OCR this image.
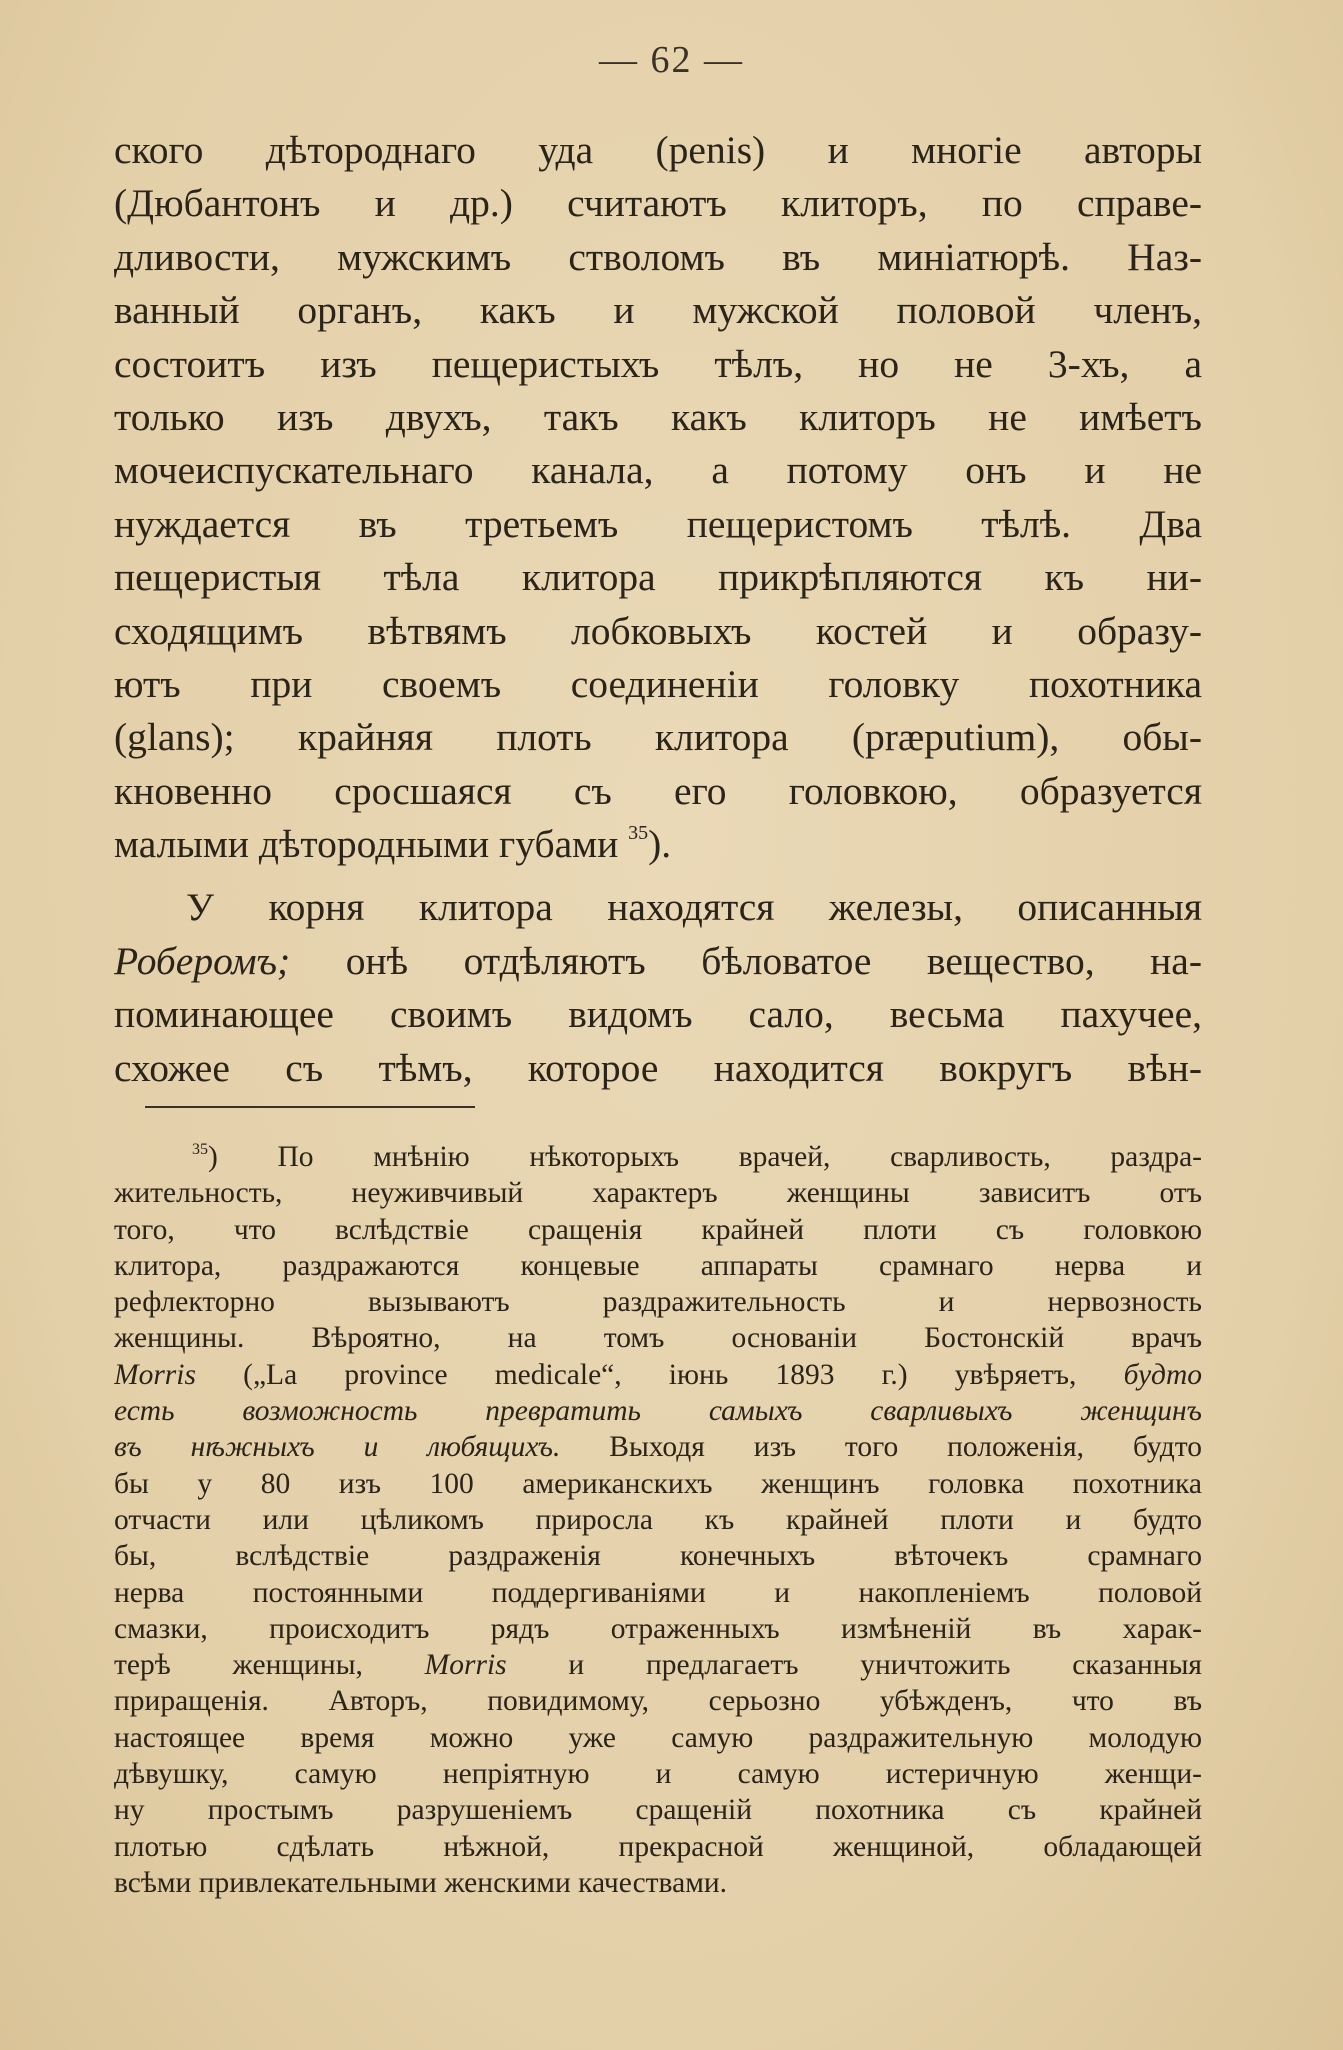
— 62 —
ского дѣтороднаго уда (penis) и многіе авторы
(Дюбантонъ и др.) считаютъ клиторъ, по справе-
дливости, мужскимъ стволомъ въ миніатюрѣ. Наз-
ванный органъ, какъ и мужской половой членъ,
состоитъ изъ пещеристыхъ тѣлъ, но не 3-хъ, а
только изъ двухъ, такъ какъ клиторъ не имѣетъ
мочеиспускательнаго канала, а потому онъ и не
нуждается въ третьемъ пещеристомъ тѣлѣ. Два
пещеристыя тѣла клитора прикрѣпляются къ ни-
сходящимъ вѣтвямъ лобковыхъ костей и образу-
ютъ при своемъ соединеніи головку похотника
(glans); крайняя плоть клитора (præputium), обы-
кновенно сросшаяся съ его головкою, образуется
малыми дѣтородными губами $^{35}$).
У корня клитора находятся железы, описанныя
Роберомъ; онѣ отдѣляютъ бѣловатое вещество, на-
поминающее своимъ видомъ сало, весьма пахучее,
схожее съ тѣмъ, которое находится вокругъ вѣн-
$^{35}$) По мнѣнію нѣкоторыхъ врачей, сварливость, раздра-
жительность, неуживчивый характеръ женщины зависитъ отъ
того, что вслѣдствіе сращенія крайней плоти съ головкою
клитора, раздражаются концевые аппараты срамнаго нерва и
рефлекторно вызываютъ раздражительность и нервозность
женщины. Вѣроятно, на томъ основаніи Бостонскій врачъ
Morris („La province medicale“, іюнь 1893 г.) увѣряетъ, будто
есть возможность превратить самыхъ сварливыхъ женщинъ
въ нѣжныхъ и любящихъ. Выходя изъ того положенія, будто
бы у 80 изъ 100 американскихъ женщинъ головка похотника
отчасти или цѣликомъ приросла къ крайней плоти и будто
бы, вслѣдствіе раздраженія конечныхъ вѣточекъ срамнаго
нерва постоянными поддергиваніями и накопленіемъ половой
смазки, происходитъ рядъ отраженныхъ измѣненій въ харак-
терѣ женщины, Morris и предлагаетъ уничтожить сказанныя
приращенія. Авторъ, повидимому, серьозно убѣжденъ, что въ
настоящее время можно уже самую раздражительную молодую
дѣвушку, самую непріятную и самую истеричную женщи-
ну простымъ разрушеніемъ сращеній похотника съ крайней
плотью сдѣлать нѣжной, прекрасной женщиной, обладающей
всѣми привлекательными женскими качествами.
